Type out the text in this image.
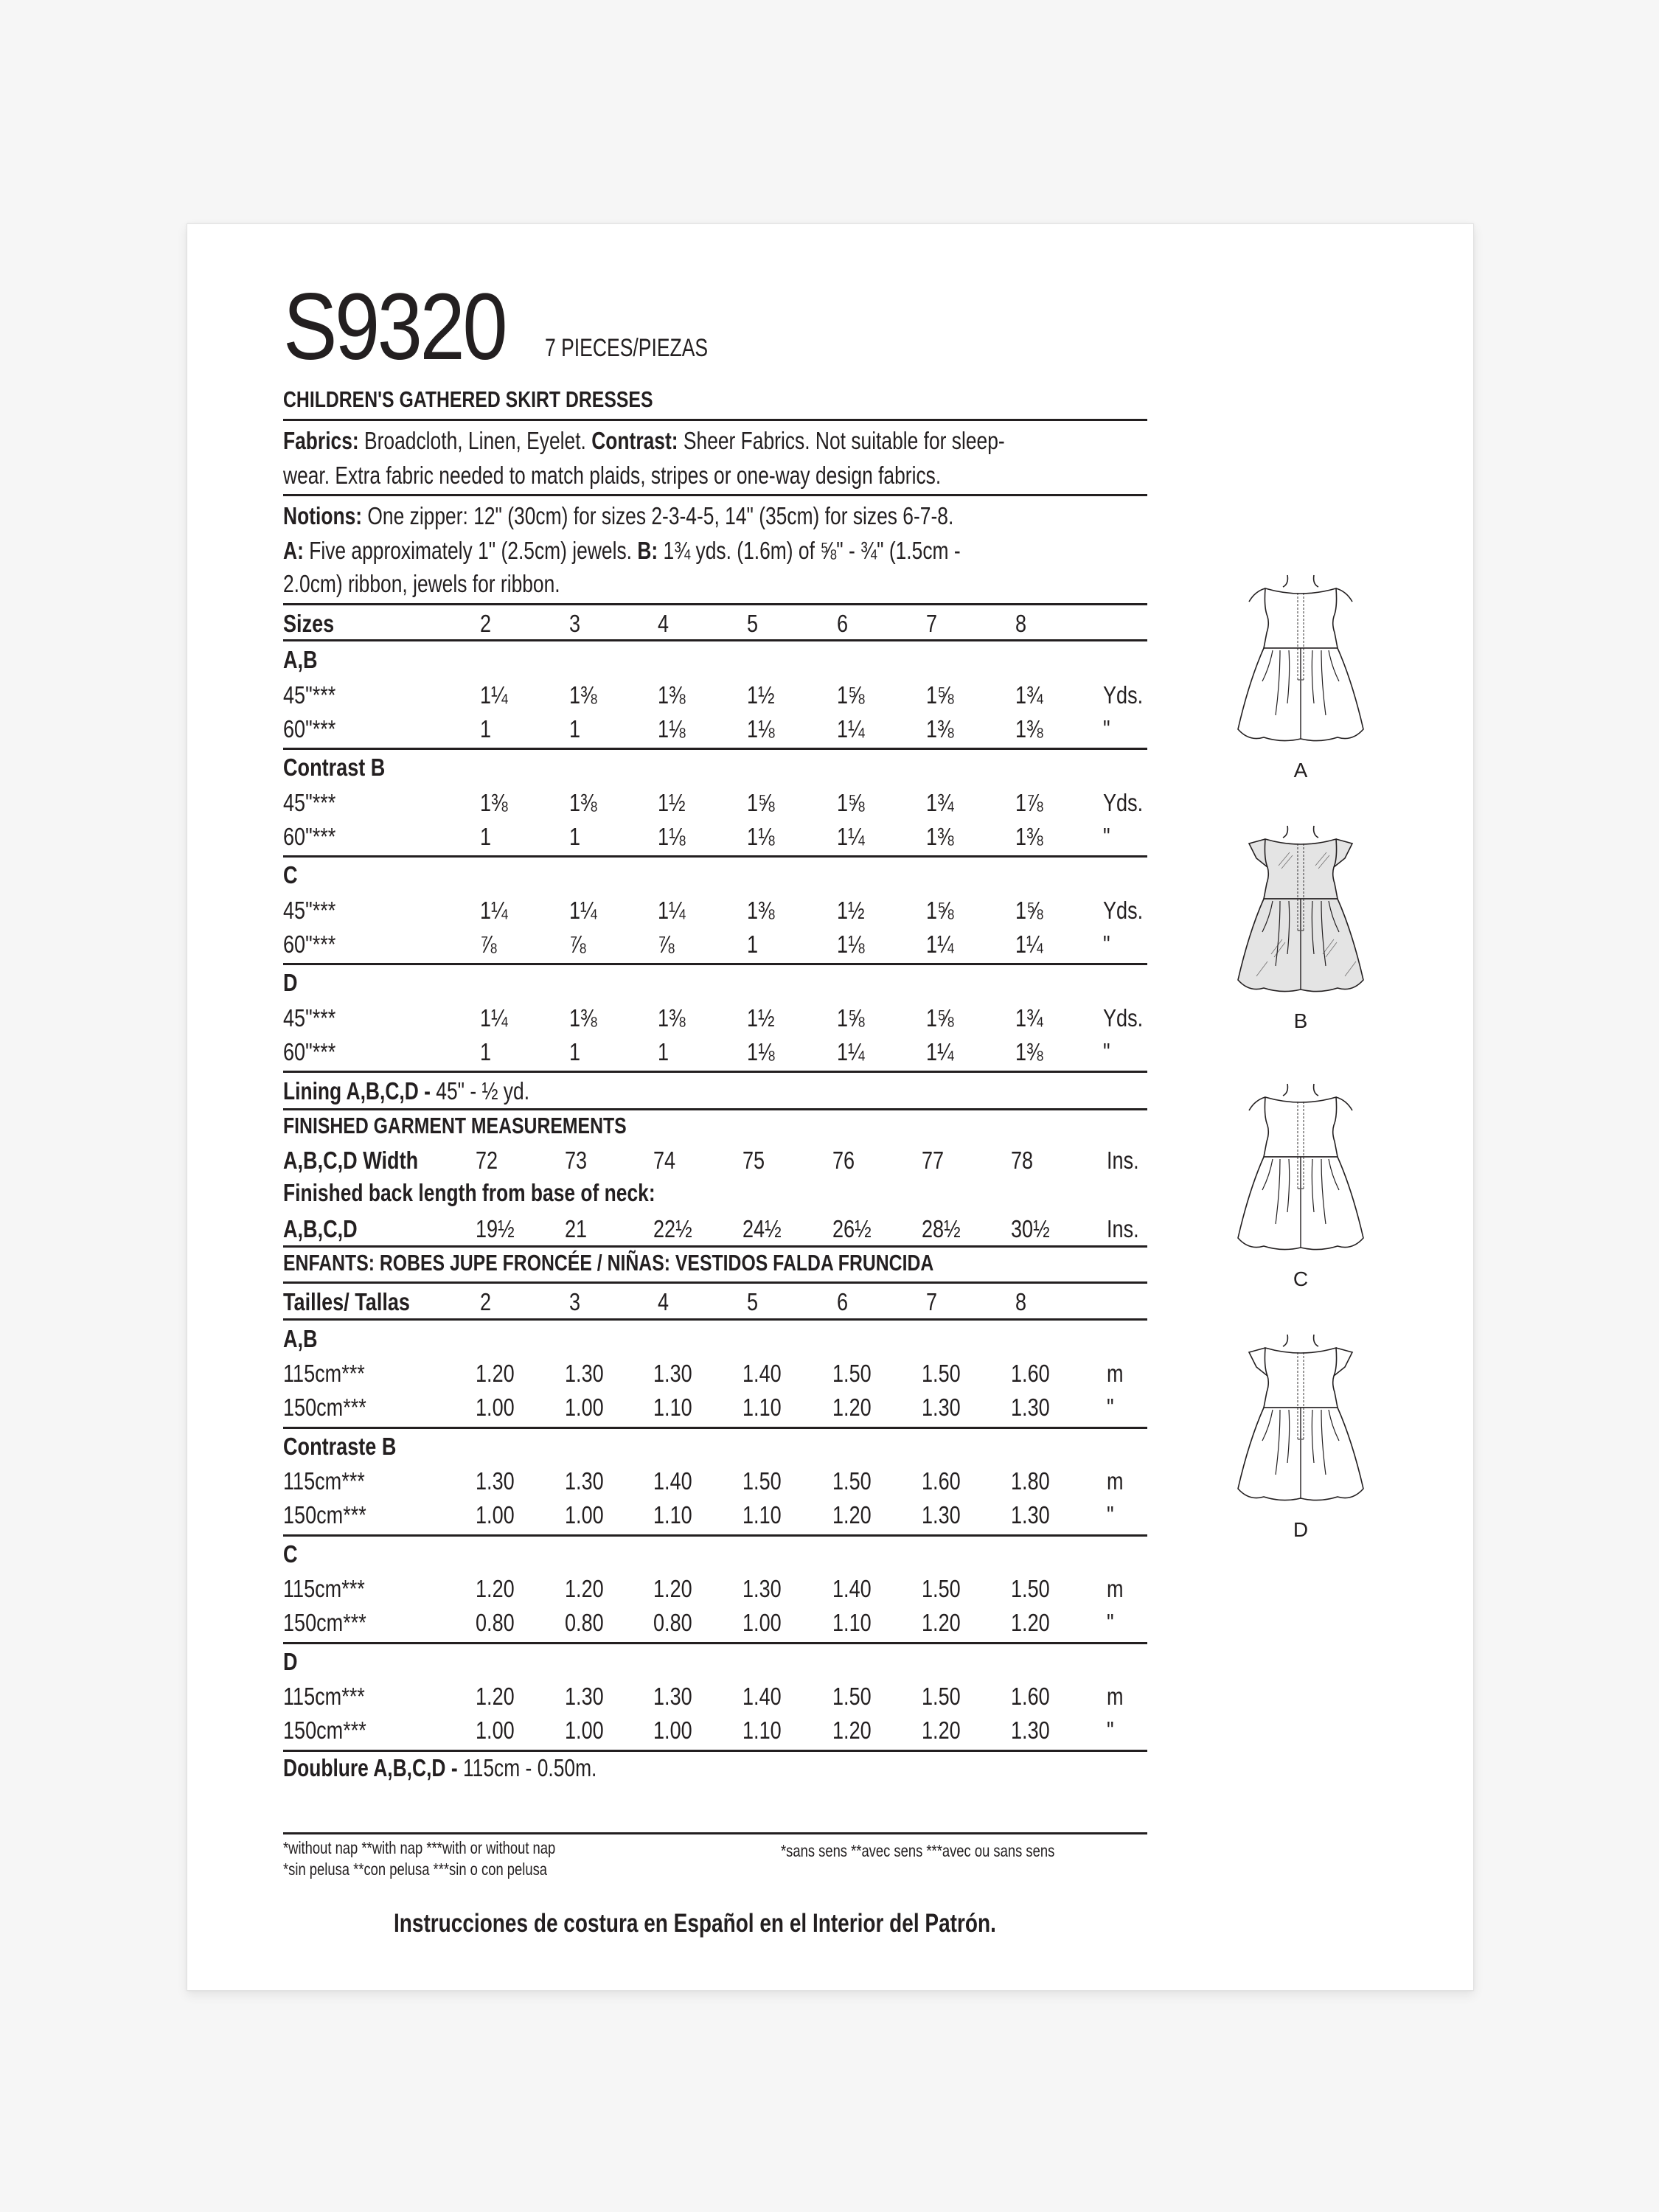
S9320 7 PIECES/PIEZAS
CHILDREN'S GATHERED SKIRT DRESSES
Fabrics: Broadcloth, Linen, Eyelet. Contrast: Sheer Fabrics. Not suitable for sleep-
wear. Extra fabric needed to match plaids, stripes or one-way design fabrics.
Notions: One zipper: 12" (30cm) for sizes 2-3-4-5, 14" (35cm) for sizes 6-7-8.
A: Five approximately 1" (2.5cm) jewels. B: 1¾ yds. (1.6m) of ⅝" - ¾" (1.5cm -
2.0cm) ribbon, jewels for ribbon.
Sizes	2	3	4	5	6	7	8
A,B
45"***	1¼	1⅜ 1⅜	1½	1⅝	1⅝	1¾ Yds.
60"***	1	1	1⅛	1⅛	1¼	1⅜	1⅜ "
Contrast B
45"***	1⅜	1⅜ 1½	1⅝	1⅝	1¾	1⅞ Yds.
60"***	1	1	1⅛	1⅛	1¼	1⅜	1⅜ "
C
45"***	1¼	1¼ 1¼	1⅜	1½	1⅝	1⅝ Yds.
60"***	⅞	⅞	⅞	1	1⅛	1¼	1¼ "
D
45"***	1¼	1⅜ 1⅜	1½	1⅝	1⅝	1¾ Yds.
60"***	1	1	1	1⅛	1¼	1¼	1⅜ "
Lining A,B,C,D - 45" - ½ yd.
FINISHED GARMENT MEASUREMENTS
A,B,C,D Width 72	73	74	75	76	77	78	Ins.
Finished back length from base of neck:
A,B,C,D	19½ 21	22½ 24½ 26½ 28½ 30½ Ins.
ENFANTS: ROBES JUPE FRONCÉE / NIÑAS: VESTIDOS FALDA FRUNCIDA
Tailles/ Tallas	2	3	4	5	6	7	8
A,B
115cm***	1.20 1.30 1.30 1.40 1.50 1.50 1.60 m
150cm***	1.00 1.00 1.10 1.10 1.20 1.30 1.30 "
Contraste B
115cm***	1.30 1.30 1.40 1.50 1.50 1.60 1.80 m
150cm***	1.00 1.00 1.10 1.10 1.20 1.30 1.30 "
C
115cm***	1.20 1.20 1.20 1.30 1.40 1.50 1.50 m
150cm***	0.80 0.80 0.80 1.00 1.10 1.20 1.20 "
D
115cm***	1.20 1.30 1.30 1.40 1.50 1.50 1.60 m
150cm***	1.00 1.00 1.00 1.10 1.20 1.20 1.30 "
Doublure A,B,C,D - 115cm - 0.50m.
*without nap **with nap ***with or without nap
*sin pelusa **con pelusa ***sin o con pelusa
*sans sens **avec sens ***avec ou sans sens
Instrucciones de costura en Español en el Interior del Patrón.
A
B
C
D
